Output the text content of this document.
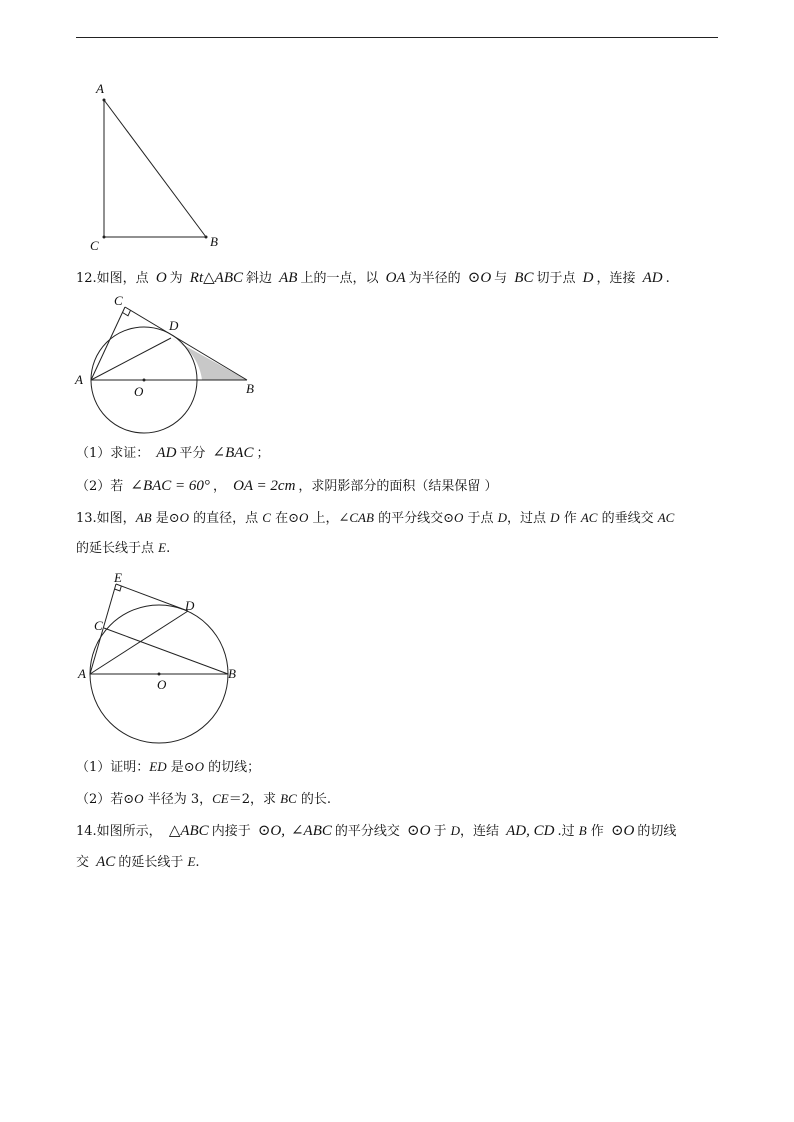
A
C	B
12.如图，点 O 为 Rt△ABC 斜边 AB 上的一点，以 OA 为半径的 ⊙O 与 BC 切于点 D ，连接 AD .
C
D
A
O	B
（1）求证： AD 平分 ∠BAC ；
（2）若 ∠BAC = 60° ， OA = 2cm ，求阴影部分的面积（结果保留 ）
13.如图，AB 是⊙O 的直径，点 C 在⊙O 上，∠CAB 的平分线交⊙O 于点 D，过点 D 作 AC 的垂线交 AC
的延长线于点 E.
E
D
C
A
O
B
（1）证明：ED 是⊙O 的切线；
（2）若⊙O 半径为 3，CE＝2，求 BC 的长.
14.如图所示， △ABC 内接于 ⊙O, ∠ABC 的平分线交 ⊙O 于 D，连结 AD, CD .过 B 作 ⊙O 的切线
交 AC 的延长线于 E.
